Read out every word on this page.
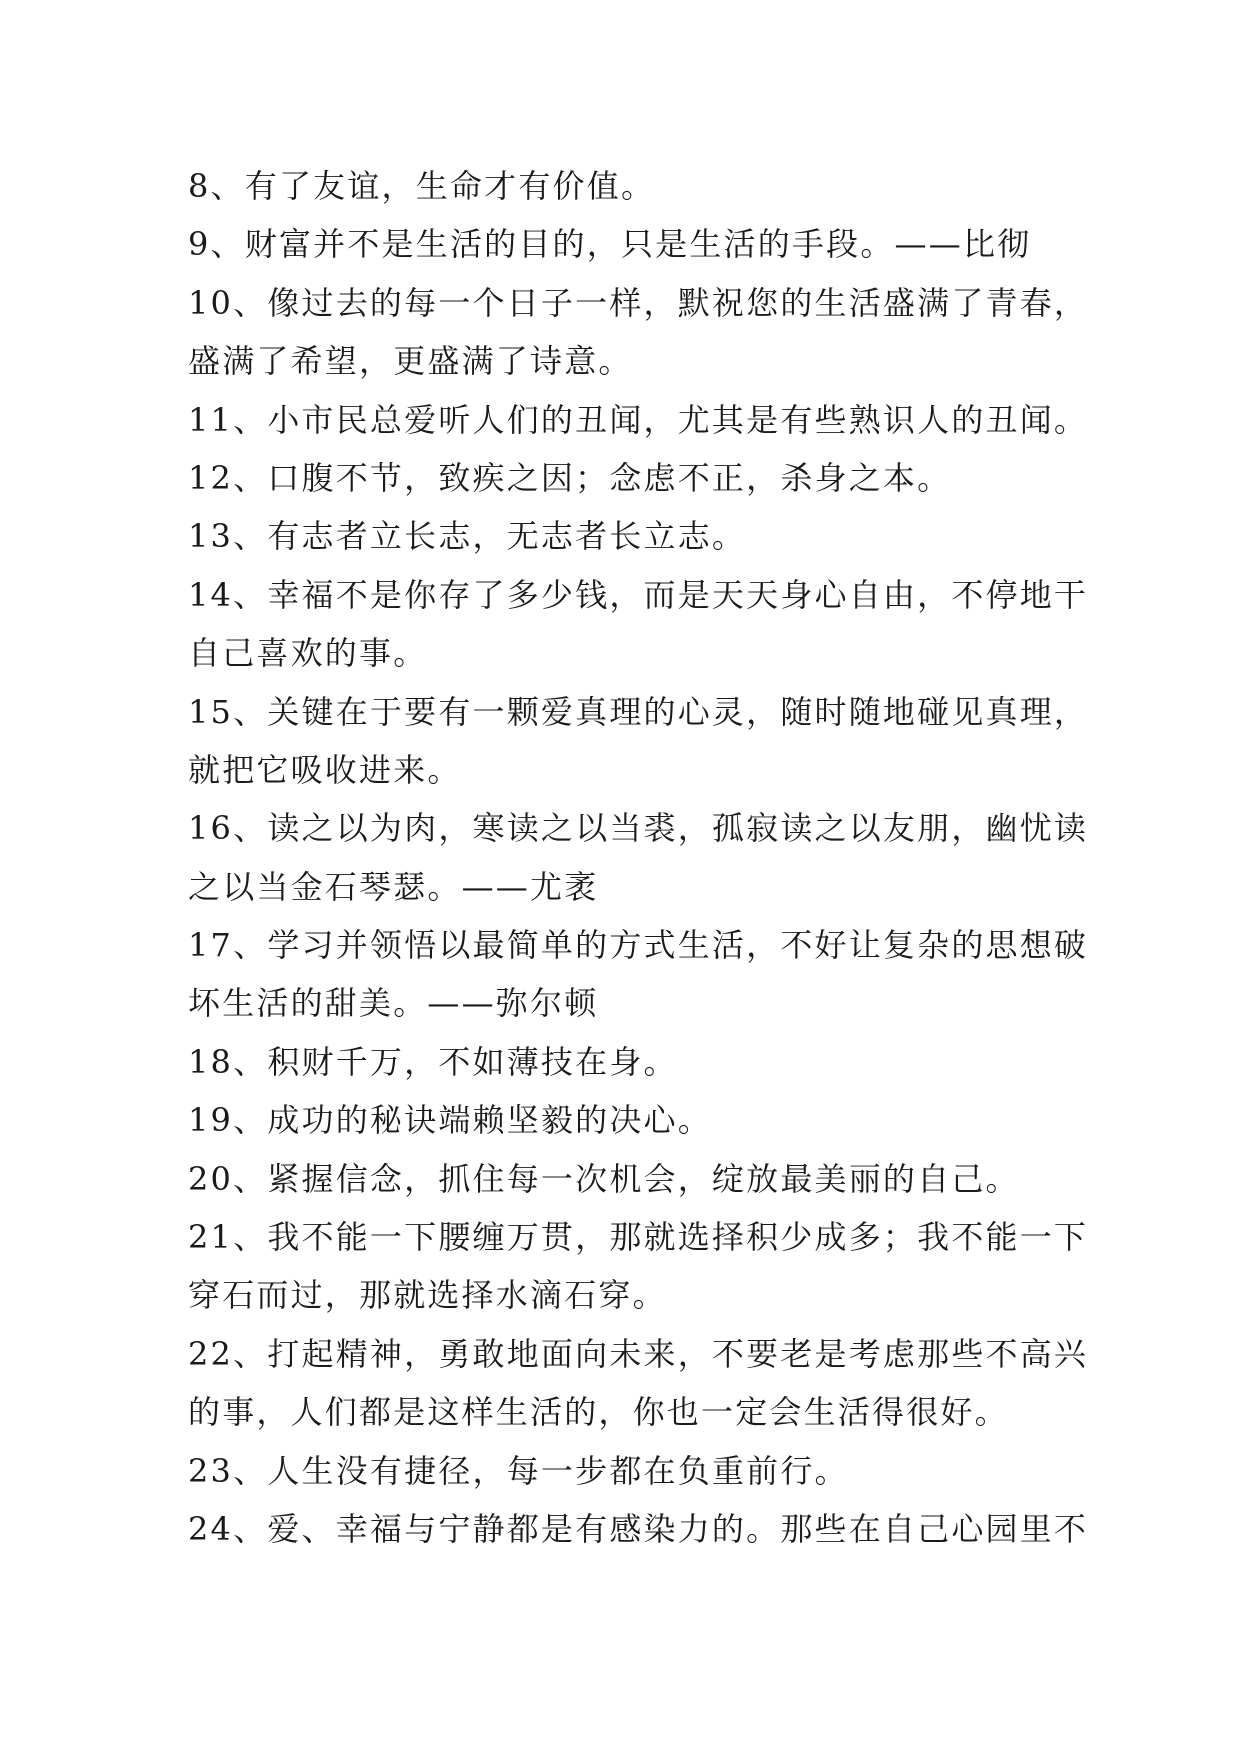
8、有了友谊，生命才有价值。
9、财富并不是生活的目的，只是生活的手段。——比彻
10、像过去的每一个日子一样，默祝您的生活盛满了青春，
盛满了希望，更盛满了诗意。
11、小市民总爱听人们的丑闻，尤其是有些熟识人的丑闻。
12、口腹不节，致疾之因；念虑不正，杀身之本。
13、有志者立长志，无志者长立志。
14、幸福不是你存了多少钱，而是天天身心自由，不停地干
自己喜欢的事。
15、关键在于要有一颗爱真理的心灵，随时随地碰见真理，
就把它吸收进来。
16、读之以为肉，寒读之以当裘，孤寂读之以友朋，幽忧读
之以当金石琴瑟。——尤袤
17、学习并领悟以最简单的方式生活，不好让复杂的思想破
坏生活的甜美。——弥尔顿
18、积财千万，不如薄技在身。
19、成功的秘诀端赖坚毅的决心。
20、紧握信念，抓住每一次机会，绽放最美丽的自己。
21、我不能一下腰缠万贯，那就选择积少成多；我不能一下
穿石而过，那就选择水滴石穿。
22、打起精神，勇敢地面向未来，不要老是考虑那些不高兴
的事，人们都是这样生活的，你也一定会生活得很好。
23、人生没有捷径，每一步都在负重前行。
24、爱、幸福与宁静都是有感染力的。那些在自己心园里不
